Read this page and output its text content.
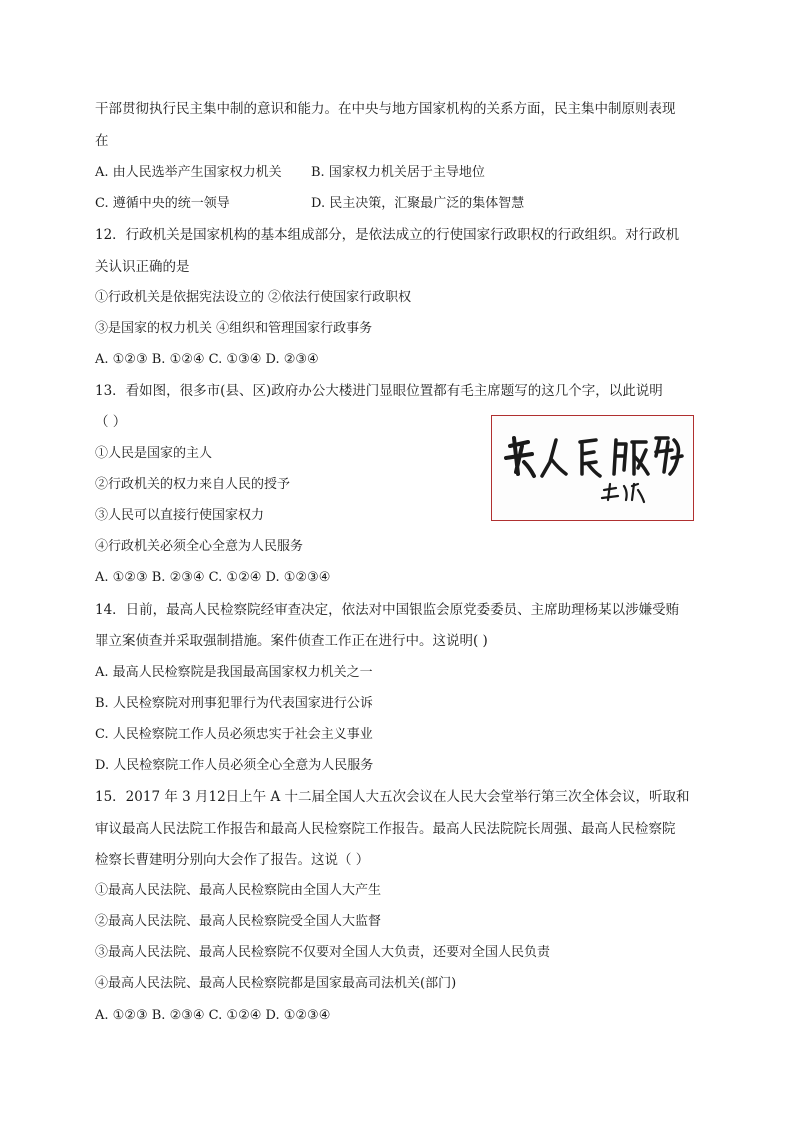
干部贯彻执行民主集中制的意识和能力。在中央与地方国家机构的关系方面，民主集中制原则表现
在
A. 由人民选举产生国家权力机关 B. 国家权力机关居于主导地位
C. 遵循中央的统一领导	D. 民主决策，汇聚最广泛的集体智慧
12．行政机关是国家机构的基本组成部分，是依法成立的行使国家行政职权的行政组织。对行政机
关认识正确的是
①行政机关是依据宪法设立的 ②依法行使国家行政职权
③是国家的权力机关 ④组织和管理国家行政事务
A. ①②③ B. ①②④ C. ①③④ D. ②③④
13．看如图，很多市(县、区)政府办公大楼进门显眼位置都有毛主席题写的这几个字，以此说明
（ ）
①人民是国家的主人
②行政机关的权力来自人民的授予
③人民可以直接行使国家权力
④行政机关必须全心全意为人民服务
A. ①②③ B. ②③④ C. ①②④ D. ①②③④
14．日前，最高人民检察院经审查决定，依法对中国银监会原党委委员、主席助理杨某以涉嫌受贿
罪立案侦查并采取强制措施。案件侦查工作正在进行中。这说明( )
A. 最高人民检察院是我国最高国家权力机关之一
B. 人民检察院对刑事犯罪行为代表国家进行公诉
C. 人民检察院工作人员必须忠实于社会主义事业
D. 人民检察院工作人员必须全心全意为人民服务
15．2017 年 3 月12日上午 A 十二届全国人大五次会议在人民大会堂举行第三次全体会议，听取和
审议最高人民法院工作报告和最高人民检察院工作报告。最高人民法院院长周强、最高人民检察院
检察长曹建明分别向大会作了报告。这说（ ）
①最高人民法院、最高人民检察院由全国人大产生
②最高人民法院、最高人民检察院受全国人大监督
③最高人民法院、最高人民检察院不仅要对全国人大负责，还要对全国人民负责
④最高人民法院、最高人民检察院都是国家最高司法机关(部门)
A. ①②③ B. ②③④ C. ①②④ D. ①②③④
